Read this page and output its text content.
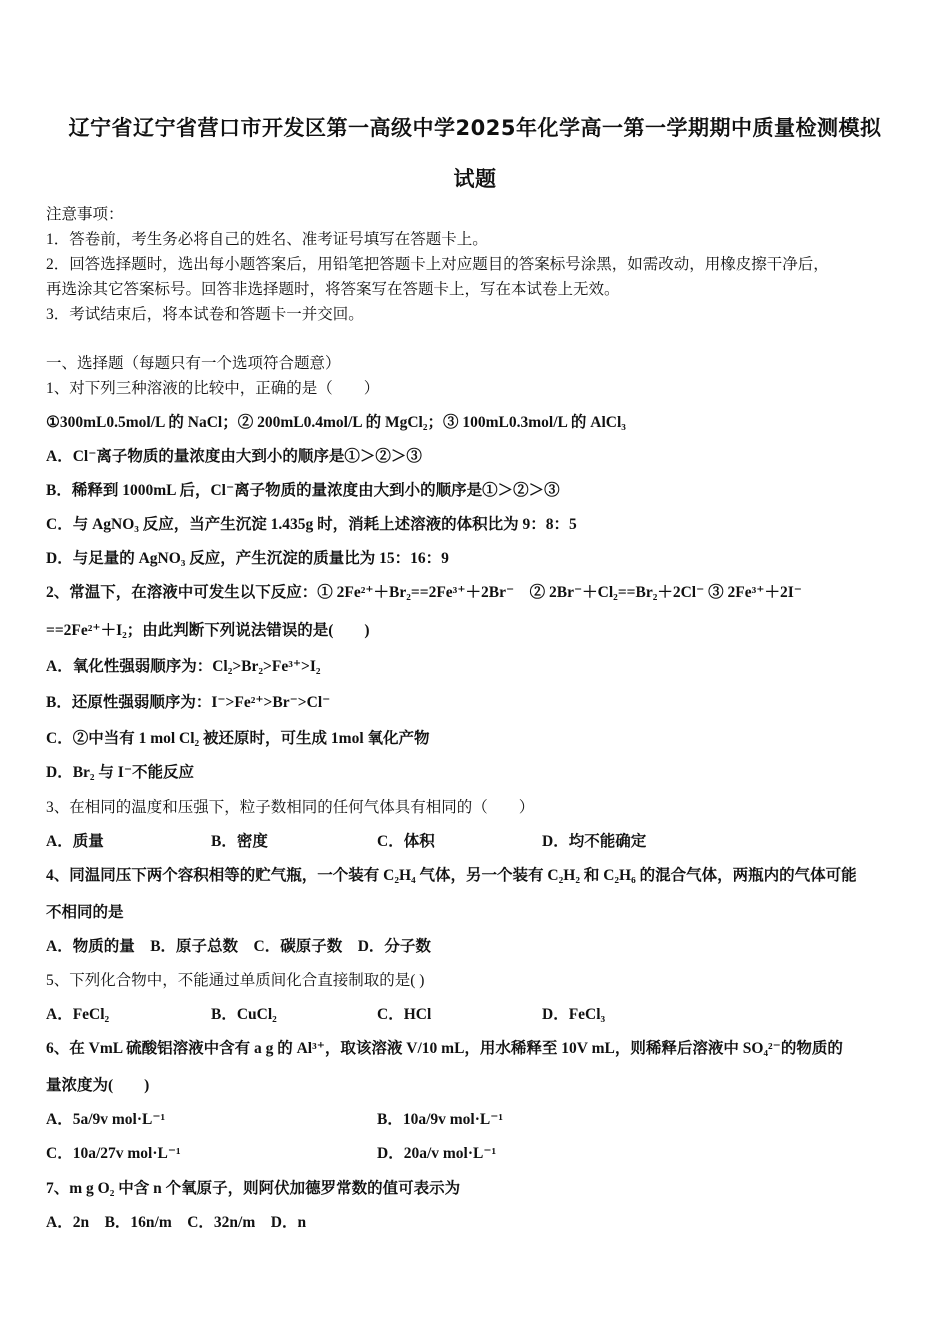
辽宁省辽宁省营口市开发区第一高级中学2025年化学高一第一学期期中质量检测模拟
试题
注意事项：
1．答卷前，考生务必将自己的姓名、准考证号填写在答题卡上。
2．回答选择题时，选出每小题答案后，用铅笔把答题卡上对应题目的答案标号涂黑，如需改动，用橡皮擦干净后，
再选涂其它答案标号。回答非选择题时，将答案写在答题卡上，写在本试卷上无效。
3．考试结束后，将本试卷和答题卡一并交回。
一、选择题（每题只有一个选项符合题意）
1、对下列三种溶液的比较中，正确的是（　　）
①300mL0.5mol/L 的 NaCl；② 200mL0.4mol/L 的 MgCl₂；③ 100mL0.3mol/L 的 AlCl₃
A．Cl⁻离子物质的量浓度由大到小的顺序是①＞②＞③
B．稀释到 1000mL 后，Cl⁻离子物质的量浓度由大到小的顺序是①＞②＞③
C．与 AgNO₃ 反应，当产生沉淀 1.435g 时，消耗上述溶液的体积比为 9：8：5
D．与足量的 AgNO₃ 反应，产生沉淀的质量比为 15：16：9
2、常温下，在溶液中可发生以下反应：① 2Fe²⁺＋Br₂==2Fe³⁺＋2Br⁻　② 2Br⁻＋Cl₂==Br₂＋2Cl⁻ ③ 2Fe³⁺＋2I⁻
==2Fe²⁺＋I₂；由此判断下列说法错误的是(　　)
A．氧化性强弱顺序为：Cl₂>Br₂>Fe³⁺>I₂
B．还原性强弱顺序为：I⁻>Fe²⁺>Br⁻>Cl⁻
C．②中当有 1 mol Cl₂ 被还原时，可生成 1mol 氧化产物
D．Br₂ 与 I⁻不能反应
3、在相同的温度和压强下，粒子数相同的任何气体具有相同的（　　）
A．质量	B．密度	C．体积	D．均不能确定
4、同温同压下两个容积相等的贮气瓶，一个装有 C₂H₄ 气体，另一个装有 C₂H₂ 和 C₂H₆ 的混合气体，两瓶内的气体可能
不相同的是
A．物质的量　B．原子总数　C．碳原子数　D．分子数
5、下列化合物中，不能通过单质间化合直接制取的是( )
A．FeCl₂	B．CuCl₂	C．HCl	D．FeCl₃
6、在 VmL 硫酸铝溶液中含有 a g 的 Al³⁺，取该溶液 V/10 mL，用水稀释至 10V mL，则稀释后溶液中 SO₄²⁻的物质的
量浓度为(　　)
A．5a/9v mol·L⁻¹	B．10a/9v mol·L⁻¹
C．10a/27v mol·L⁻¹	D．20a/v mol·L⁻¹
7、m g O₂ 中含 n 个氧原子，则阿伏加德罗常数的值可表示为
A．2n　B．16n/m　C．32n/m　D．n
